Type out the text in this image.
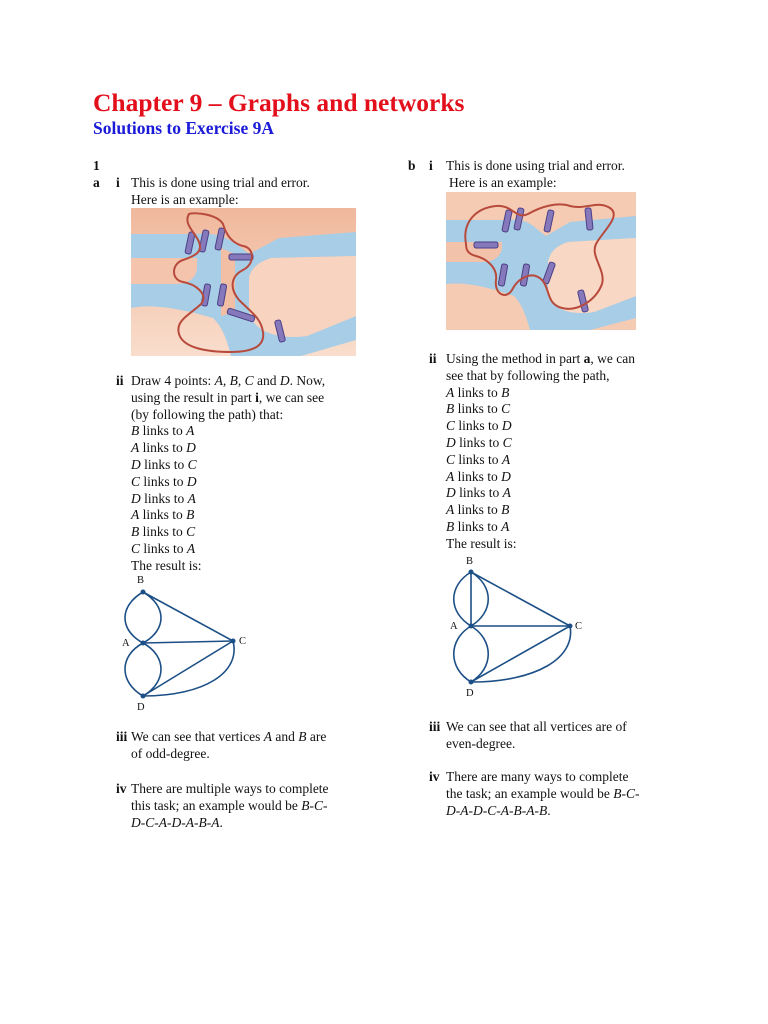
Chapter 9 – Graphs and networks
Solutions to Exercise 9A
1
a i This is done using trial and error.
Here is an example:
ii Draw 4 points: A, B, C and D. Now,
using the result in part i, we can see
(by following the path) that:
B links to A
A links to D
D links to C
C links to D
D links to A
A links to B
B links to C
C links to A
The result is:
B
A	C
D
iii We can see that vertices A and B are
of odd-degree.
iv There are multiple ways to complete
this task; an example would be B-C-
D-C-A-D-A-B-A.
b i This is done using trial and error.
Here is an example:
ii Using the method in part a, we can
see that by following the path,
A links to B
B links to C
C links to D
D links to C
C links to A
A links to D
D links to A
A links to B
B links to A
The result is:
B
A	C
D
iii We can see that all vertices are of
even-degree.
iv There are many ways to complete
the task; an example would be B-C-
D-A-D-C-A-B-A-B.
